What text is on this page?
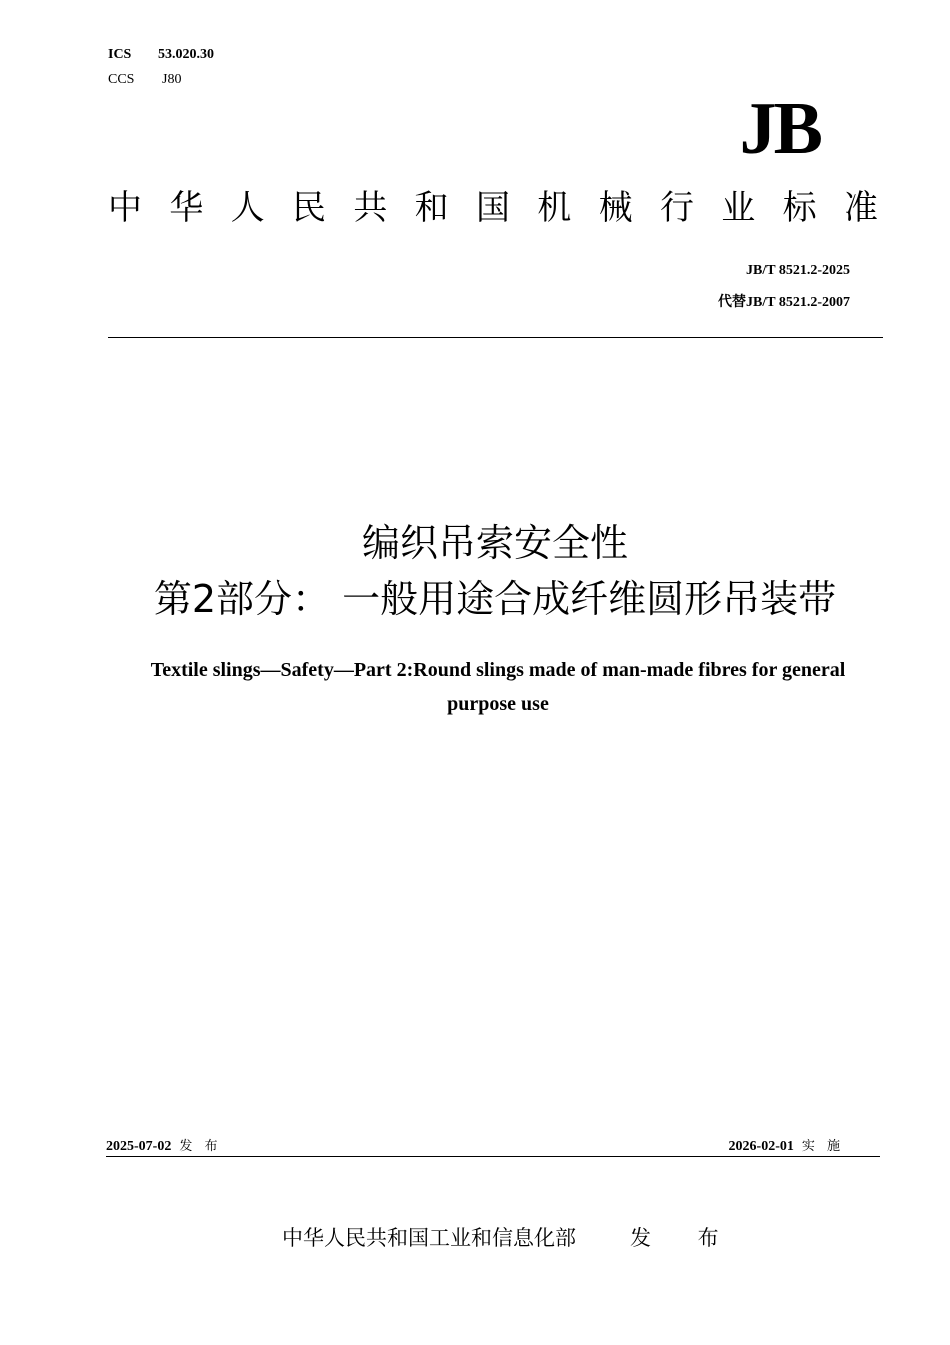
ICS 53.020.30
CCS J80
JB
中 华 人 民 共 和 国 机 械 行 业 标 准
JB/T 8521.2-2025
代替JB/T 8521.2-2007
编织吊索安全性
第2部分： 一般用途合成纤维圆形吊装带
Textile slings—Safety—Part 2:Round slings made of man-made fibres for general
purpose use
2025-07-02 发 布	2026-02-01 实 施
中华人民共和国工业和信息化部	发 布
